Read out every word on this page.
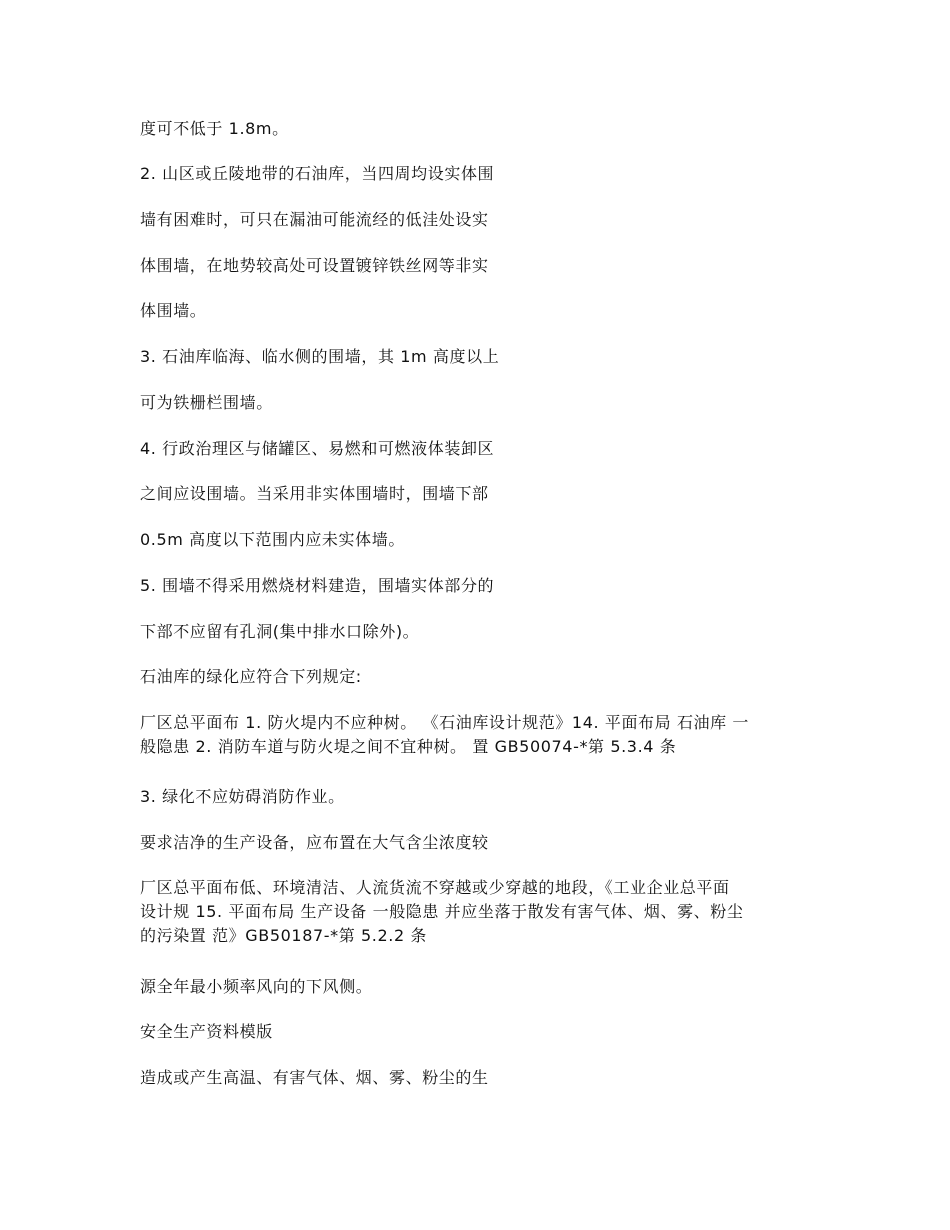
度可不低于 1.8m。

2. 山区或丘陵地带的石油库，当四周均设实体围

墙有困难时，可只在漏油可能流经的低洼处设实

体围墙，在地势较高处可设置镀锌铁丝网等非实

体围墙。

3. 石油库临海、临水侧的围墙，其 1m 高度以上

可为铁栅栏围墙。

4. 行政治理区与储罐区、易燃和可燃液体装卸区

之间应设围墙。当采用非实体围墙时，围墙下部

0.5m 高度以下范围内应未实体墙。

5. 围墙不得采用燃烧材料建造，围墙实体部分的

下部不应留有孔洞(集中排水口除外)。

石油库的绿化应符合下列规定:

厂区总平面布 1. 防火堤内不应种树。 《石油库设计规范》14. 平面布局 石油库 一
般隐患 2. 消防车道与防火堤之间不宜种树。 置 GB50074-*第 5.3.4 条

3. 绿化不应妨碍消防作业。

要求洁净的生产设备，应布置在大气含尘浓度较

厂区总平面布低、环境清洁、人流货流不穿越或少穿越的地段，《工业企业总平面
设计规 15. 平面布局 生产设备 一般隐患 并应坐落于散发有害气体、烟、雾、粉尘
的污染置 范》GB50187-*第 5.2.2 条

源全年最小频率风向的下风侧。

安全生产资料模版

造成或产生高温、有害气体、烟、雾、粉尘的生
